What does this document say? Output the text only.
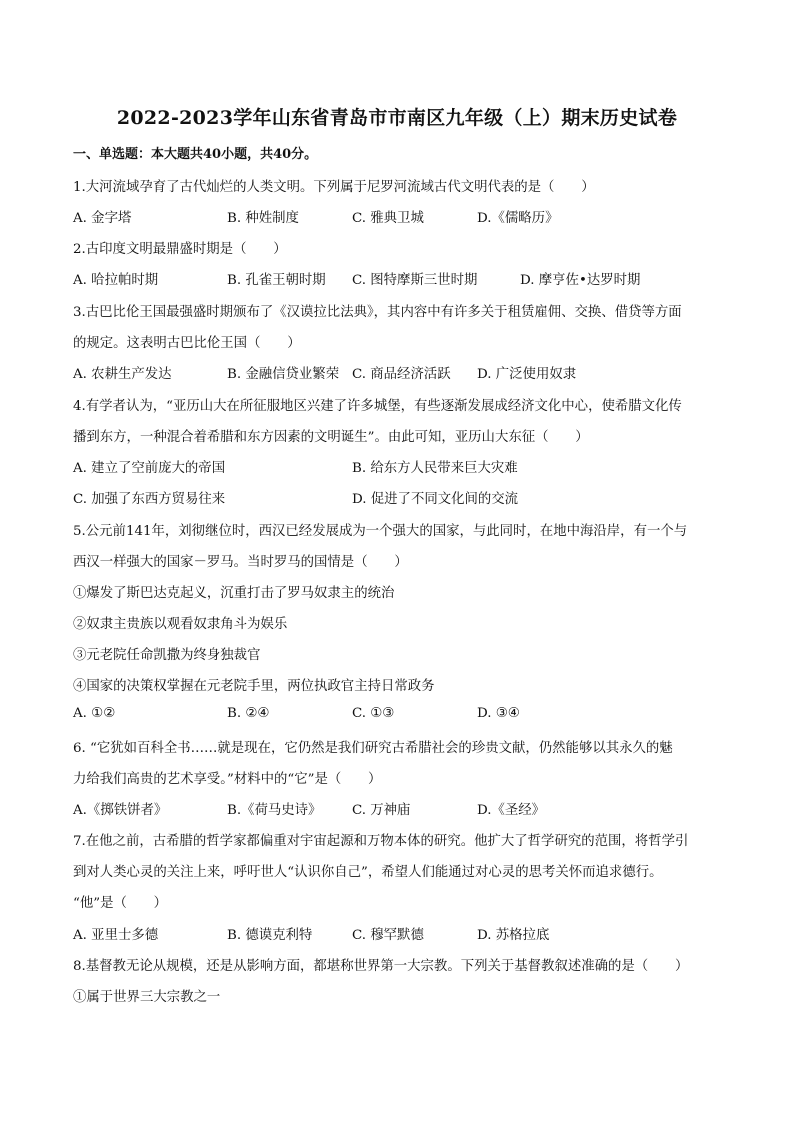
2022-2023学年山东省青岛市市南区九年级（上）期末历史试卷
一、单选题：本大题共40小题，共40分。
1.大河流域孕育了古代灿烂的人类文明。下列属于尼罗河流域古代文明代表的是（　　）
A. 金字塔	B. 种姓制度	C. 雅典卫城	D.《儒略历》
2.古印度文明最鼎盛时期是（　　）
A. 哈拉帕时期	B. 孔雀王朝时期 C. 图特摩斯三世时期	D. 摩亨佐•达罗时期
3.古巴比伦王国最强盛时期颁布了《汉谟拉比法典》，其内容中有许多关于租赁雇佣、交换、借贷等方面
的规定。这表明古巴比伦王国（　　）
A. 农耕生产发达	B. 金融信贷业繁荣 C. 商品经济活跃 D. 广泛使用奴隶
4.有学者认为，“亚历山大在所征服地区兴建了许多城堡，有些逐渐发展成经济文化中心，使希腊文化传
播到东方，一种混合着希腊和东方因素的文明诞生”。由此可知，亚历山大东征（　　）
A. 建立了空前庞大的帝国	B. 给东方人民带来巨大灾难
C. 加强了东西方贸易往来	D. 促进了不同文化间的交流
5.公元前141年，刘彻继位时，西汉已经发展成为一个强大的国家，与此同时，在地中海沿岸，有一个与
西汉一样强大的国家－罗马。当时罗马的国情是（　　）
①爆发了斯巴达克起义，沉重打击了罗马奴隶主的统治
②奴隶主贵族以观看奴隶角斗为娱乐
③元老院任命凯撒为终身独裁官
④国家的决策权掌握在元老院手里，两位执政官主持日常政务
A. ①②	B. ②④	C. ①③	D. ③④
6. “它犹如百科全书……就是现在，它仍然是我们研究古希腊社会的珍贵文献，仍然能够以其永久的魅
力给我们高贵的艺术享受。”材料中的“它”是（　　）
A.《掷铁饼者》	B.《荷马史诗》 C. 万神庙	D.《圣经》
7.在他之前，古希腊的哲学家都偏重对宇宙起源和万物本体的研究。他扩大了哲学研究的范围，将哲学引
到对人类心灵的关注上来，呼吁世人“认识你自己”，希望人们能通过对心灵的思考关怀而追求德行。
“他”是（　　）
A. 亚里士多德	B. 德谟克利特	C. 穆罕默德	D. 苏格拉底
8.基督教无论从规模，还是从影响方面，都堪称世界第一大宗教。下列关于基督教叙述准确的是（　　）
①属于世界三大宗教之一
